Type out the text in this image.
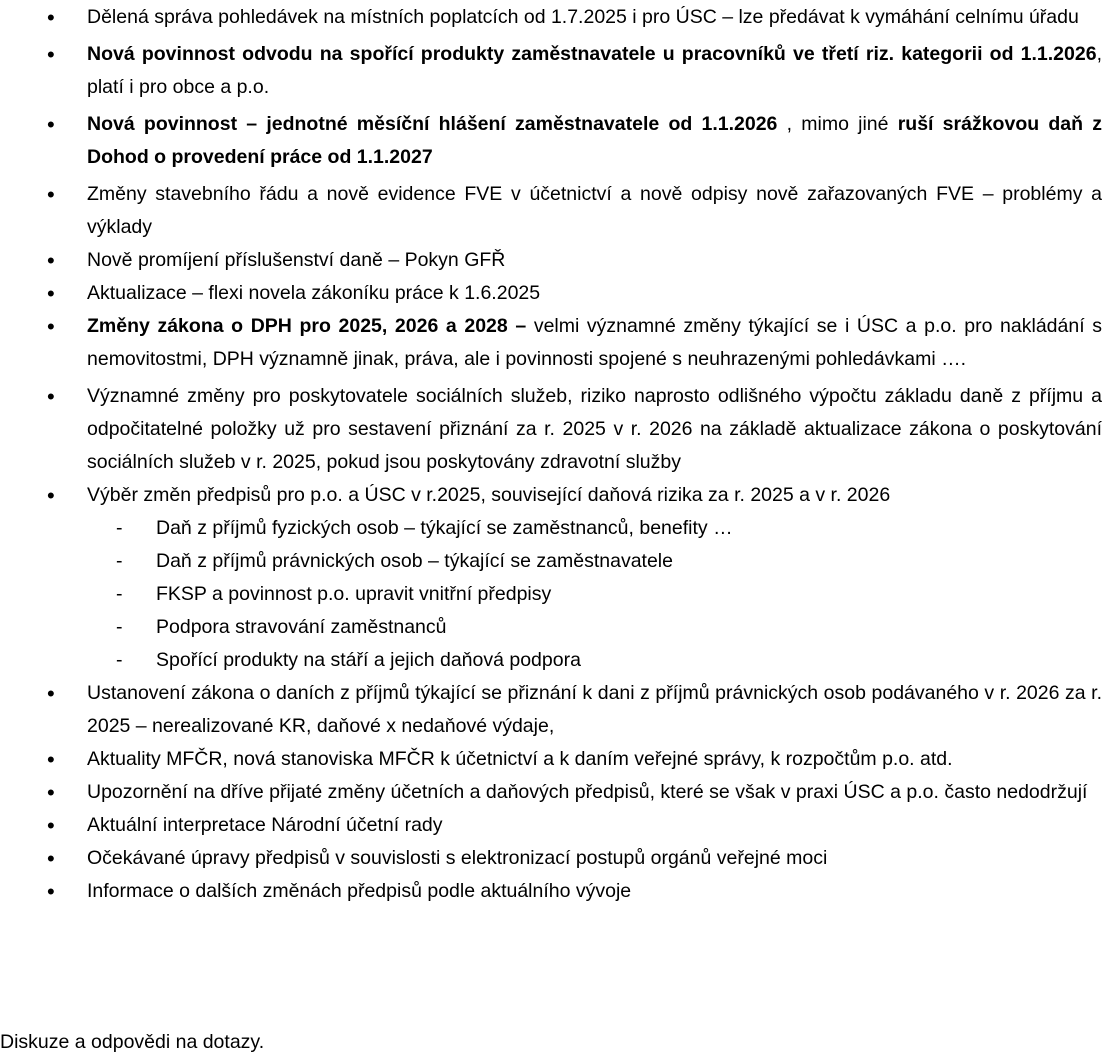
• Dělená správa pohledávek na místních poplatcích od 1.7.2025 i pro ÚSC – lze předávat k vymáhání celnímu úřadu
• Nová povinnost odvodu na spořící produkty zaměstnavatele u pracovníků ve třetí riz. kategorii od 1.1.2026, platí i pro obce a p.o.
• Nová povinnost – jednotné měsíční hlášení zaměstnavatele od 1.1.2026 , mimo jiné ruší srážkovou daň z Dohod o provedení práce od 1.1.2027
• Změny stavebního řádu a nově evidence FVE v účetnictví a nově odpisy nově zařazovaných FVE – problémy a výklady
• Nově promíjení příslušenství daně – Pokyn GFŘ
• Aktualizace – flexi novela zákoníku práce k 1.6.2025
• Změny zákona o DPH pro 2025, 2026 a 2028 – velmi významné změny týkající se i ÚSC a p.o. pro nakládání s nemovitostmi, DPH významně jinak, práva, ale i povinnosti spojené s neuhrazenými pohledávkami ….
• Významné změny pro poskytovatele sociálních služeb, riziko naprosto odlišného výpočtu základu daně z příjmu a odpočitatelné položky už pro sestavení přiznání za r. 2025 v r. 2026 na základě aktualizace zákona o poskytování sociálních služeb v r. 2025, pokud jsou poskytovány zdravotní služby
• Výběr změn předpisů pro p.o. a ÚSC v r.2025, související daňová rizika za r. 2025 a v r. 2026
- Daň z příjmů fyzických osob – týkající se zaměstnanců, benefity …
- Daň z příjmů právnických osob – týkající se zaměstnavatele
- FKSP a povinnost p.o. upravit vnitřní předpisy
- Podpora stravování zaměstnanců
- Spořící produkty na stáří a jejich daňová podpora
• Ustanovení zákona o daních z příjmů týkající se přiznání k dani z příjmů právnických osob podávaného v r. 2026 za r. 2025 – nerealizované KR, daňové x nedaňové výdaje,
• Aktuality MFČR, nová stanoviska MFČR k účetnictví a k daním veřejné správy, k rozpočtům p.o. atd.
• Upozornění na dříve přijaté změny účetních a daňových předpisů, které se však v praxi ÚSC a p.o. často nedodržují
• Aktuální interpretace Národní účetní rady
• Očekávané úpravy předpisů v souvislosti s elektronizací postupů orgánů veřejné moci
• Informace o dalších změnách předpisů podle aktuálního vývoje
Diskuze a odpovědi na dotazy.
